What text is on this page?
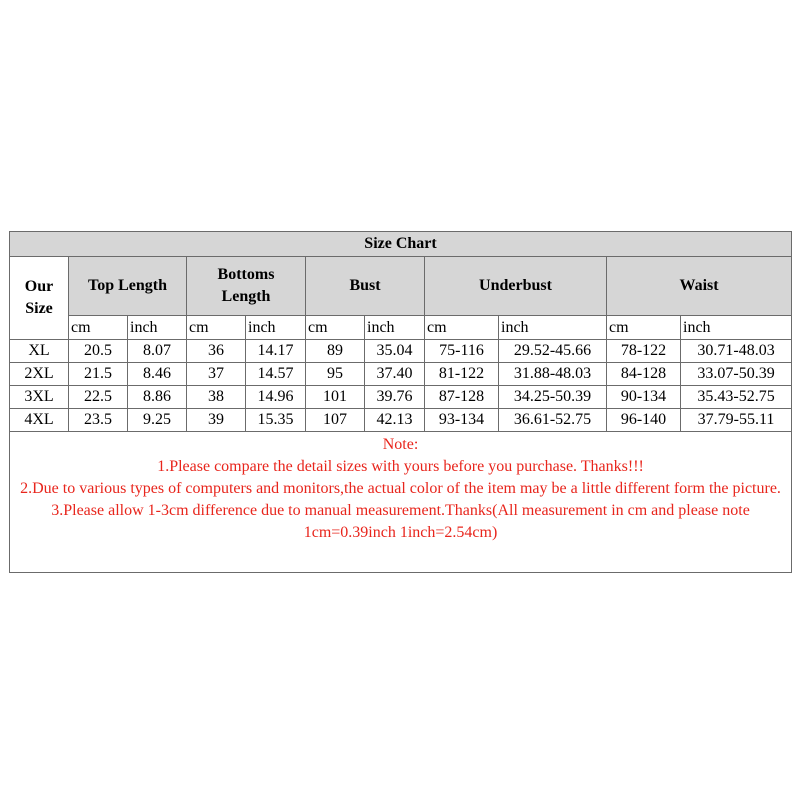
Size Chart										

Our
Size	Top Length		Bottoms
Length		Bust		Underbust		Waist	
	cm	inch	cm	inch	cm	inch	cm	inch	cm	inch
XL	20.5	8.07	36	14.17	89	35.04	75-116	29.52-45.66	78-122	30.71-48.03
2XL	21.5	8.46	37	14.57	95	37.40	81-122	31.88-48.03	84-128	33.07-50.39
3XL	22.5	8.86	38	14.96	101	39.76	87-128	34.25-50.39	90-134	35.43-52.75
4XL	23.5	9.25	39	15.35	107	42.13	93-134	36.61-52.75	96-140	37.79-55.11

Note:
1.Please compare the detail sizes with yours before you purchase. Thanks!!!
2.Due to various types of computers and monitors,the actual color of the item may be a little different form the picture.
3.Please allow 1-3cm difference due to manual measurement.Thanks(All measurement in cm and please note 1cm=0.39inch 1inch=2.54cm)										
